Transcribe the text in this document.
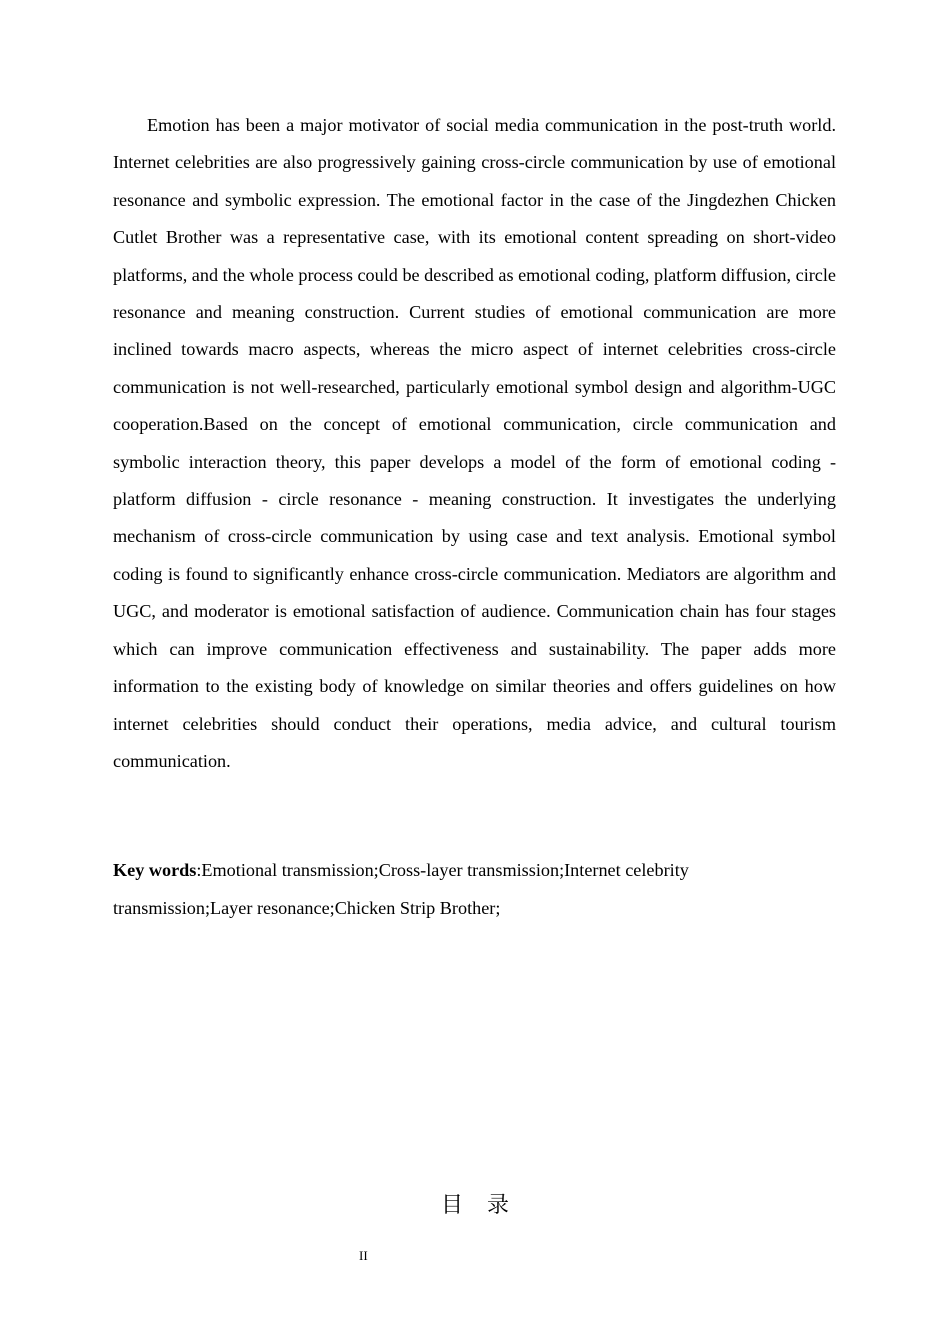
Emotion has been a major motivator of social media communication in the post-truth world. Internet celebrities are also progressively gaining cross-circle communication by use of emotional resonance and symbolic expression. The emotional factor in the case of the Jingdezhen Chicken Cutlet Brother was a representative case, with its emotional content spreading on short-video platforms, and the whole process could be described as emotional coding, platform diffusion, circle resonance and meaning construction. Current studies of emotional communication are more inclined towards macro aspects, whereas the micro aspect of internet celebrities cross-circle communication is not well-researched, particularly emotional symbol design and algorithm-UGC cooperation.Based on the concept of emotional communication, circle communication and symbolic interaction theory, this paper develops a model of the form of emotional coding - platform diffusion - circle resonance - meaning construction. It investigates the underlying mechanism of cross-circle communication by using case and text analysis. Emotional symbol coding is found to significantly enhance cross-circle communication. Mediators are algorithm and UGC, and moderator is emotional satisfaction of audience. Communication chain has four stages which can improve communication effectiveness and sustainability. The paper adds more information to the existing body of knowledge on similar theories and offers guidelines on how internet celebrities should conduct their operations, media advice, and cultural tourism communication.

Key words:Emotional transmission;Cross-layer transmission;Internet celebrity transmission;Layer resonance;Chicken Strip Brother;

目录
II
